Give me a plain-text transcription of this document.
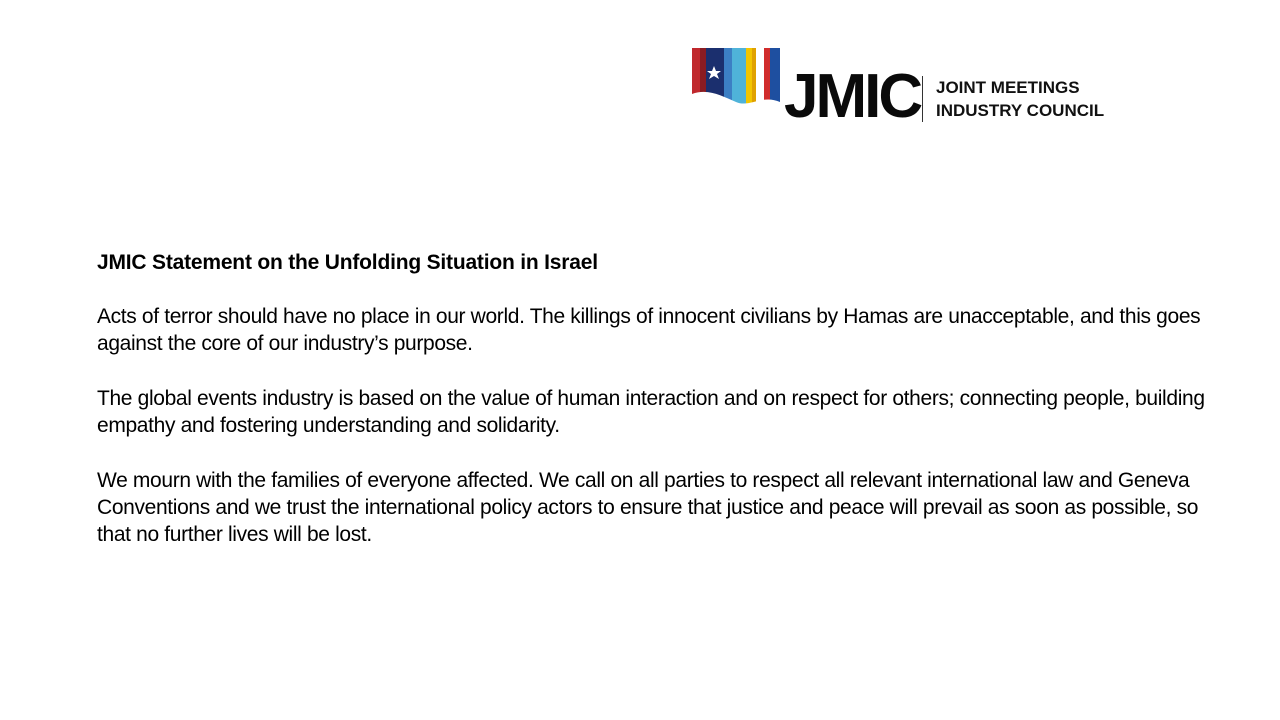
JMIC JOINT MEETINGS
INDUSTRY COUNCIL
JMIC Statement on the Unfolding Situation in Israel

Acts of terror should have no place in our world. The killings of innocent civilians by Hamas are unacceptable, and this goes against the core of our industry’s purpose.

The global events industry is based on the value of human interaction and on respect for others; connecting people, building empathy and fostering understanding and solidarity.

We mourn with the families of everyone affected. We call on all parties to respect all relevant international law and Geneva Conventions and we trust the international policy actors to ensure that justice and peace will prevail as soon as possible, so that no further lives will be lost.
